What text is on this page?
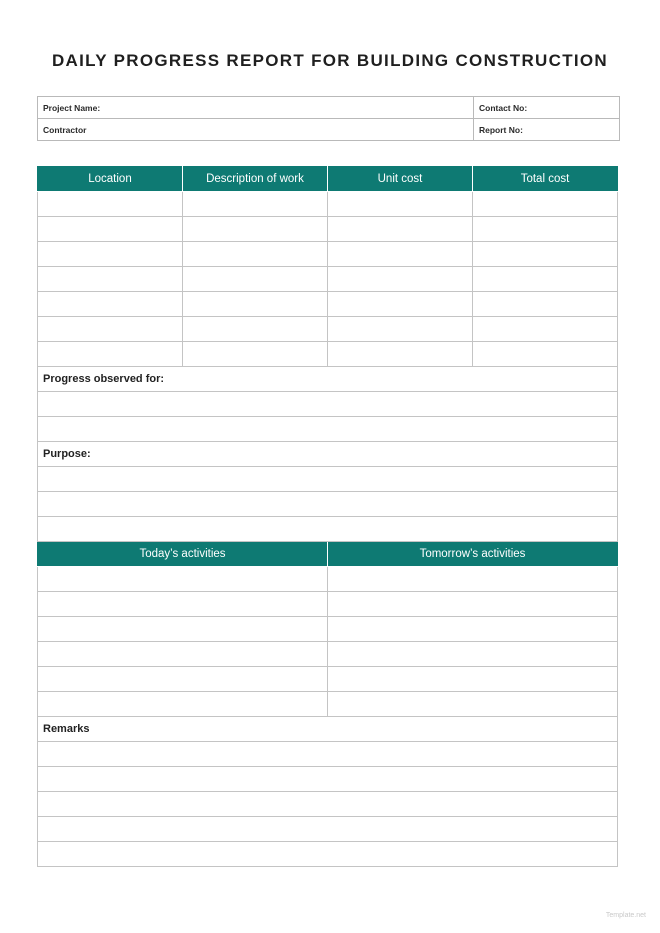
DAILY PROGRESS REPORT FOR BUILDING CONSTRUCTION
Project Name:	Contact No:
Contractor	Report No:
Location	Description of work	Unit cost	Total cost

Progress observed for:			

Purpose:			

Today’s activities		Tomorrow’s activities	

Remarks			

Template.net
